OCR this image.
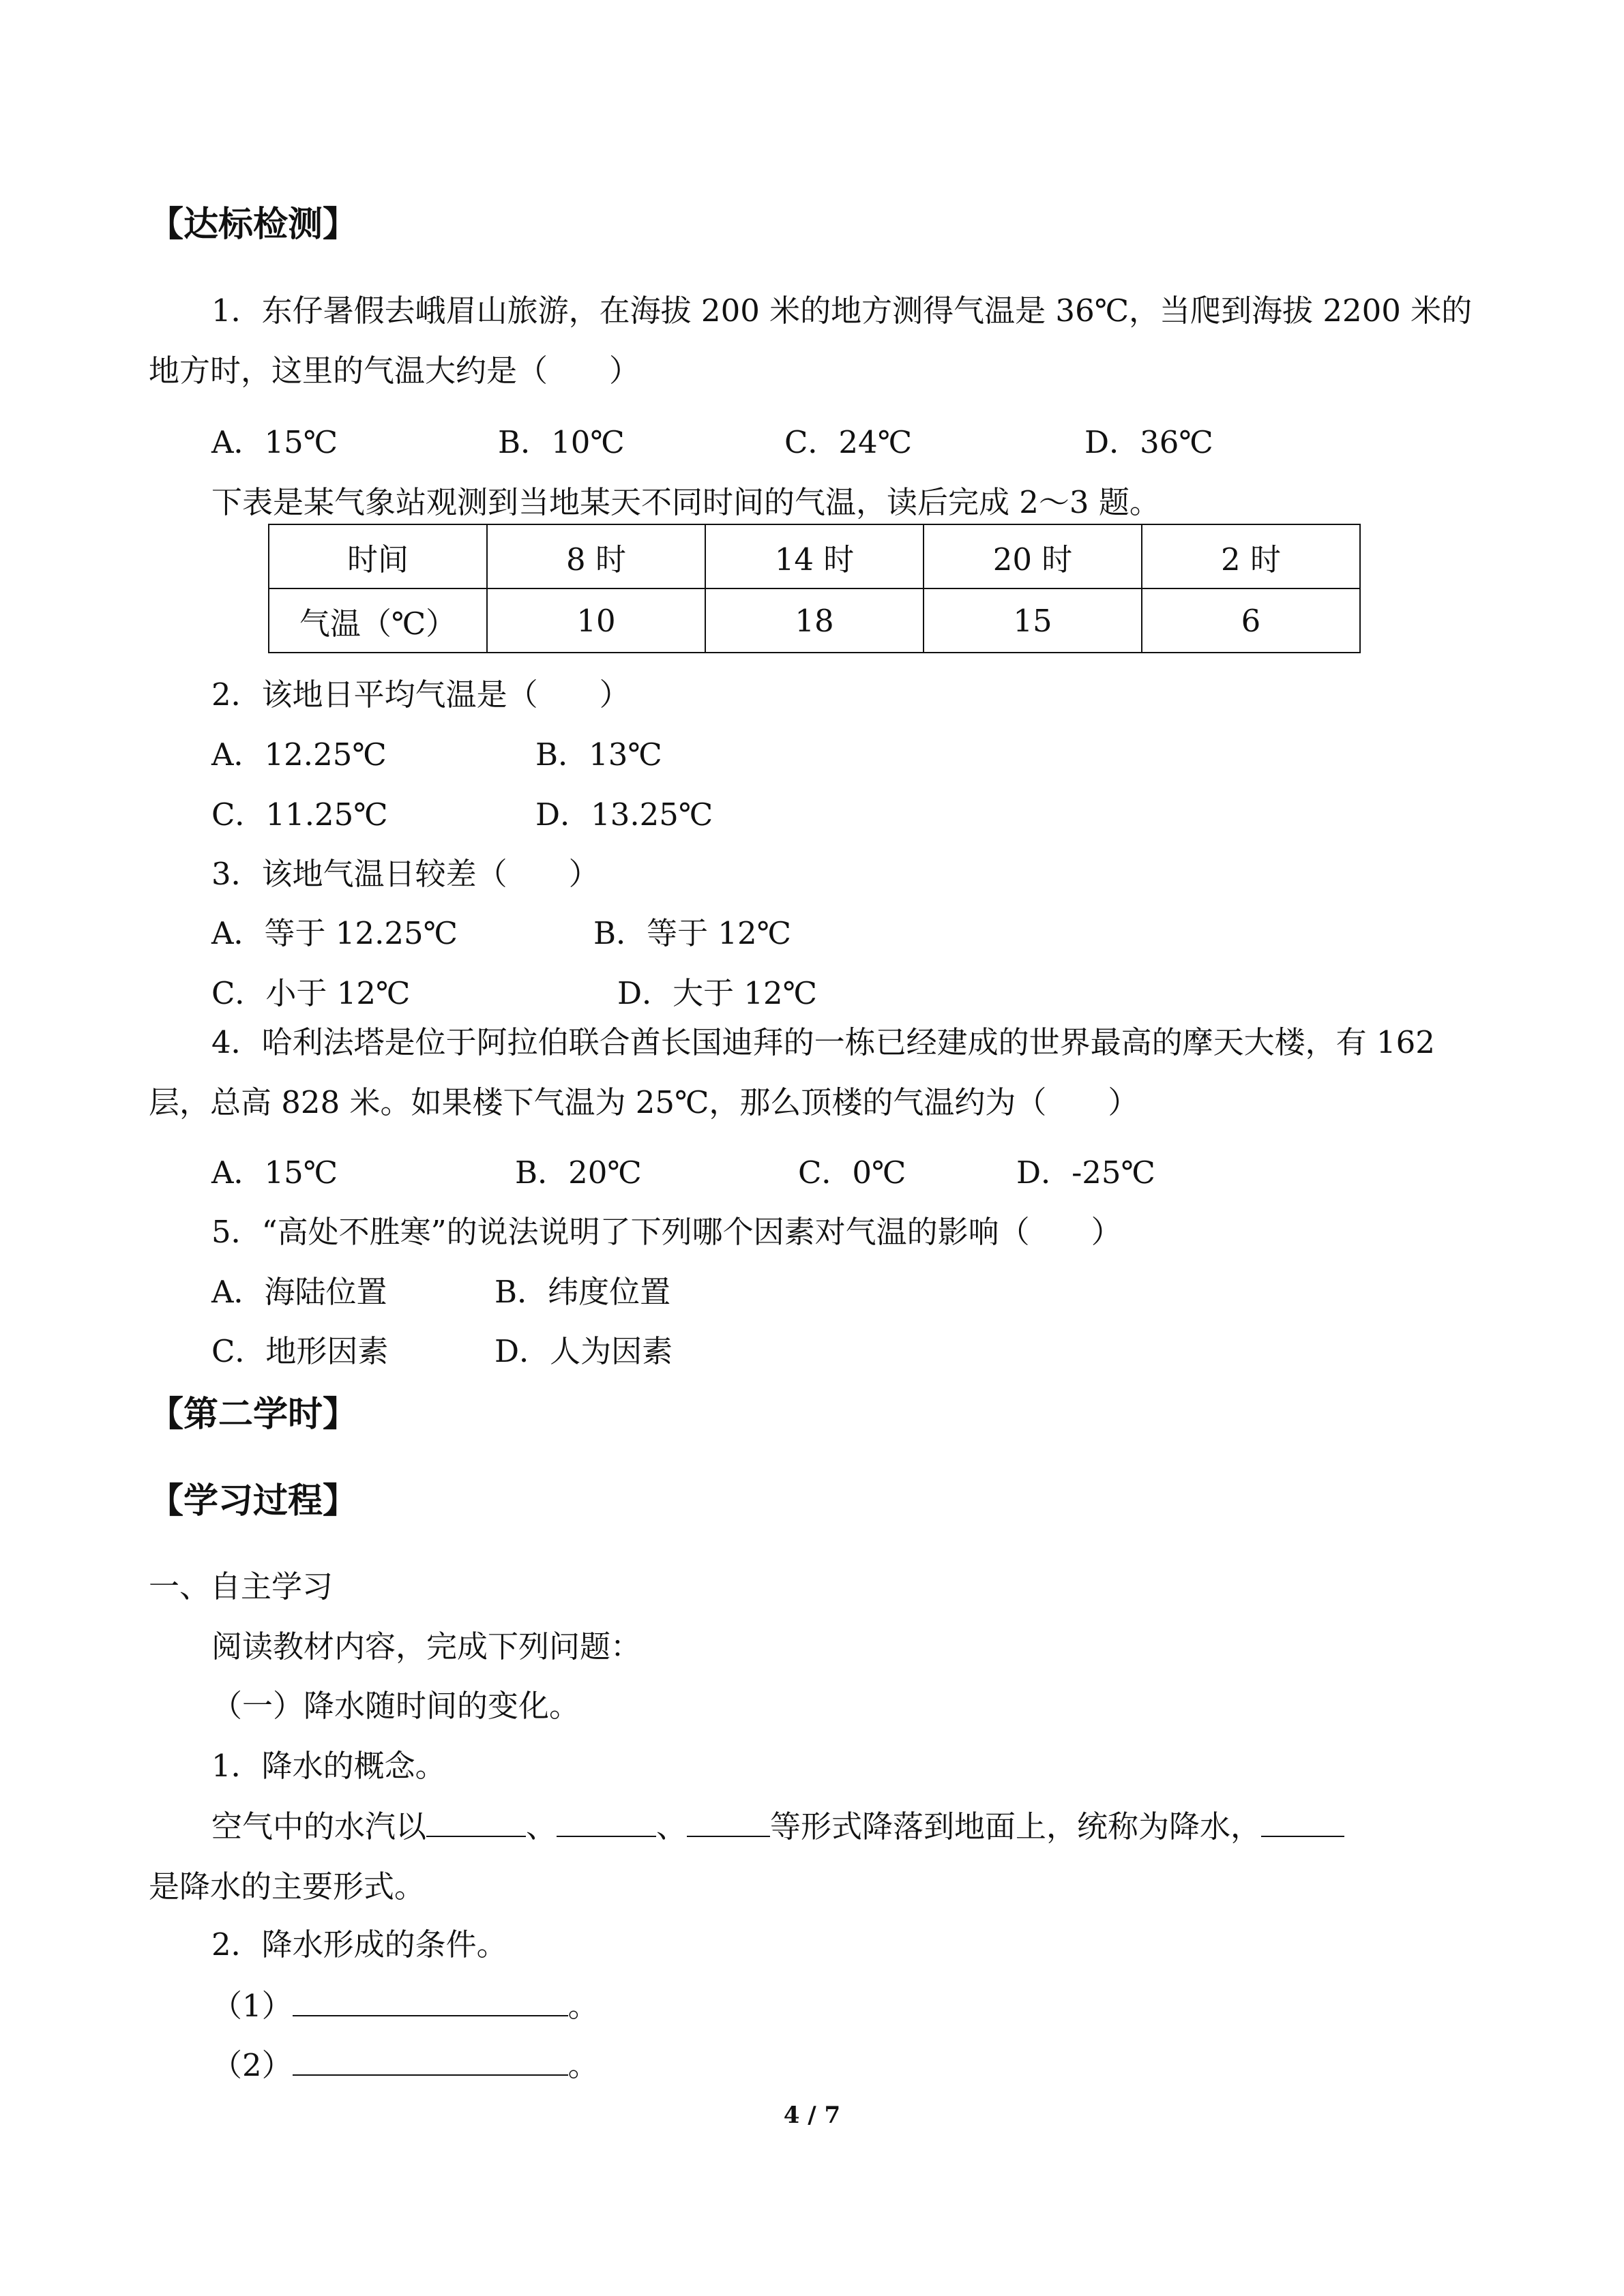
【达标检测】

1．东仔暑假去峨眉山旅游，在海拔 200 米的地方测得气温是 36℃，当爬到海拔 2200 米的地方时，这里的气温大约是（　　）

A．15℃	B．10℃	C．24℃	D．36℃

下表是某气象站观测到当地某天不同时间的气温，读后完成 2～3 题。

时间	8 时	14 时	20 时	2 时
气温（℃）	10	18	15	6

2．该地日平均气温是（　　）

A．12.25℃	B．13℃
C．11.25℃	D．13.25℃

3．该地气温日较差（　　）

A．等于 12.25℃	B．等于 12℃
C．小于 12℃	D．大于 12℃

4．哈利法塔是位于阿拉伯联合酋长国迪拜的一栋已经建成的世界最高的摩天大楼，有 162 层，总高 828 米。如果楼下气温为 25℃，那么顶楼的气温约为（　　）

A．15℃	B．20℃	C．0℃	D．-25℃

5．“高处不胜寒”的说法说明了下列哪个因素对气温的影响（　　）

A．海陆位置	B．纬度位置
C．地形因素	D．人为因素
【第二学时】
【学习过程】

一、自主学习

阅读教材内容，完成下列问题：

（一）降水随时间的变化。

1．降水的概念。

空气中的水汽以	、	、	等形式降落到地面上，统称为降水，

是降水的主要形式。

2．降水形成的条件。

（1）	。

（2）	。

4 / 7
